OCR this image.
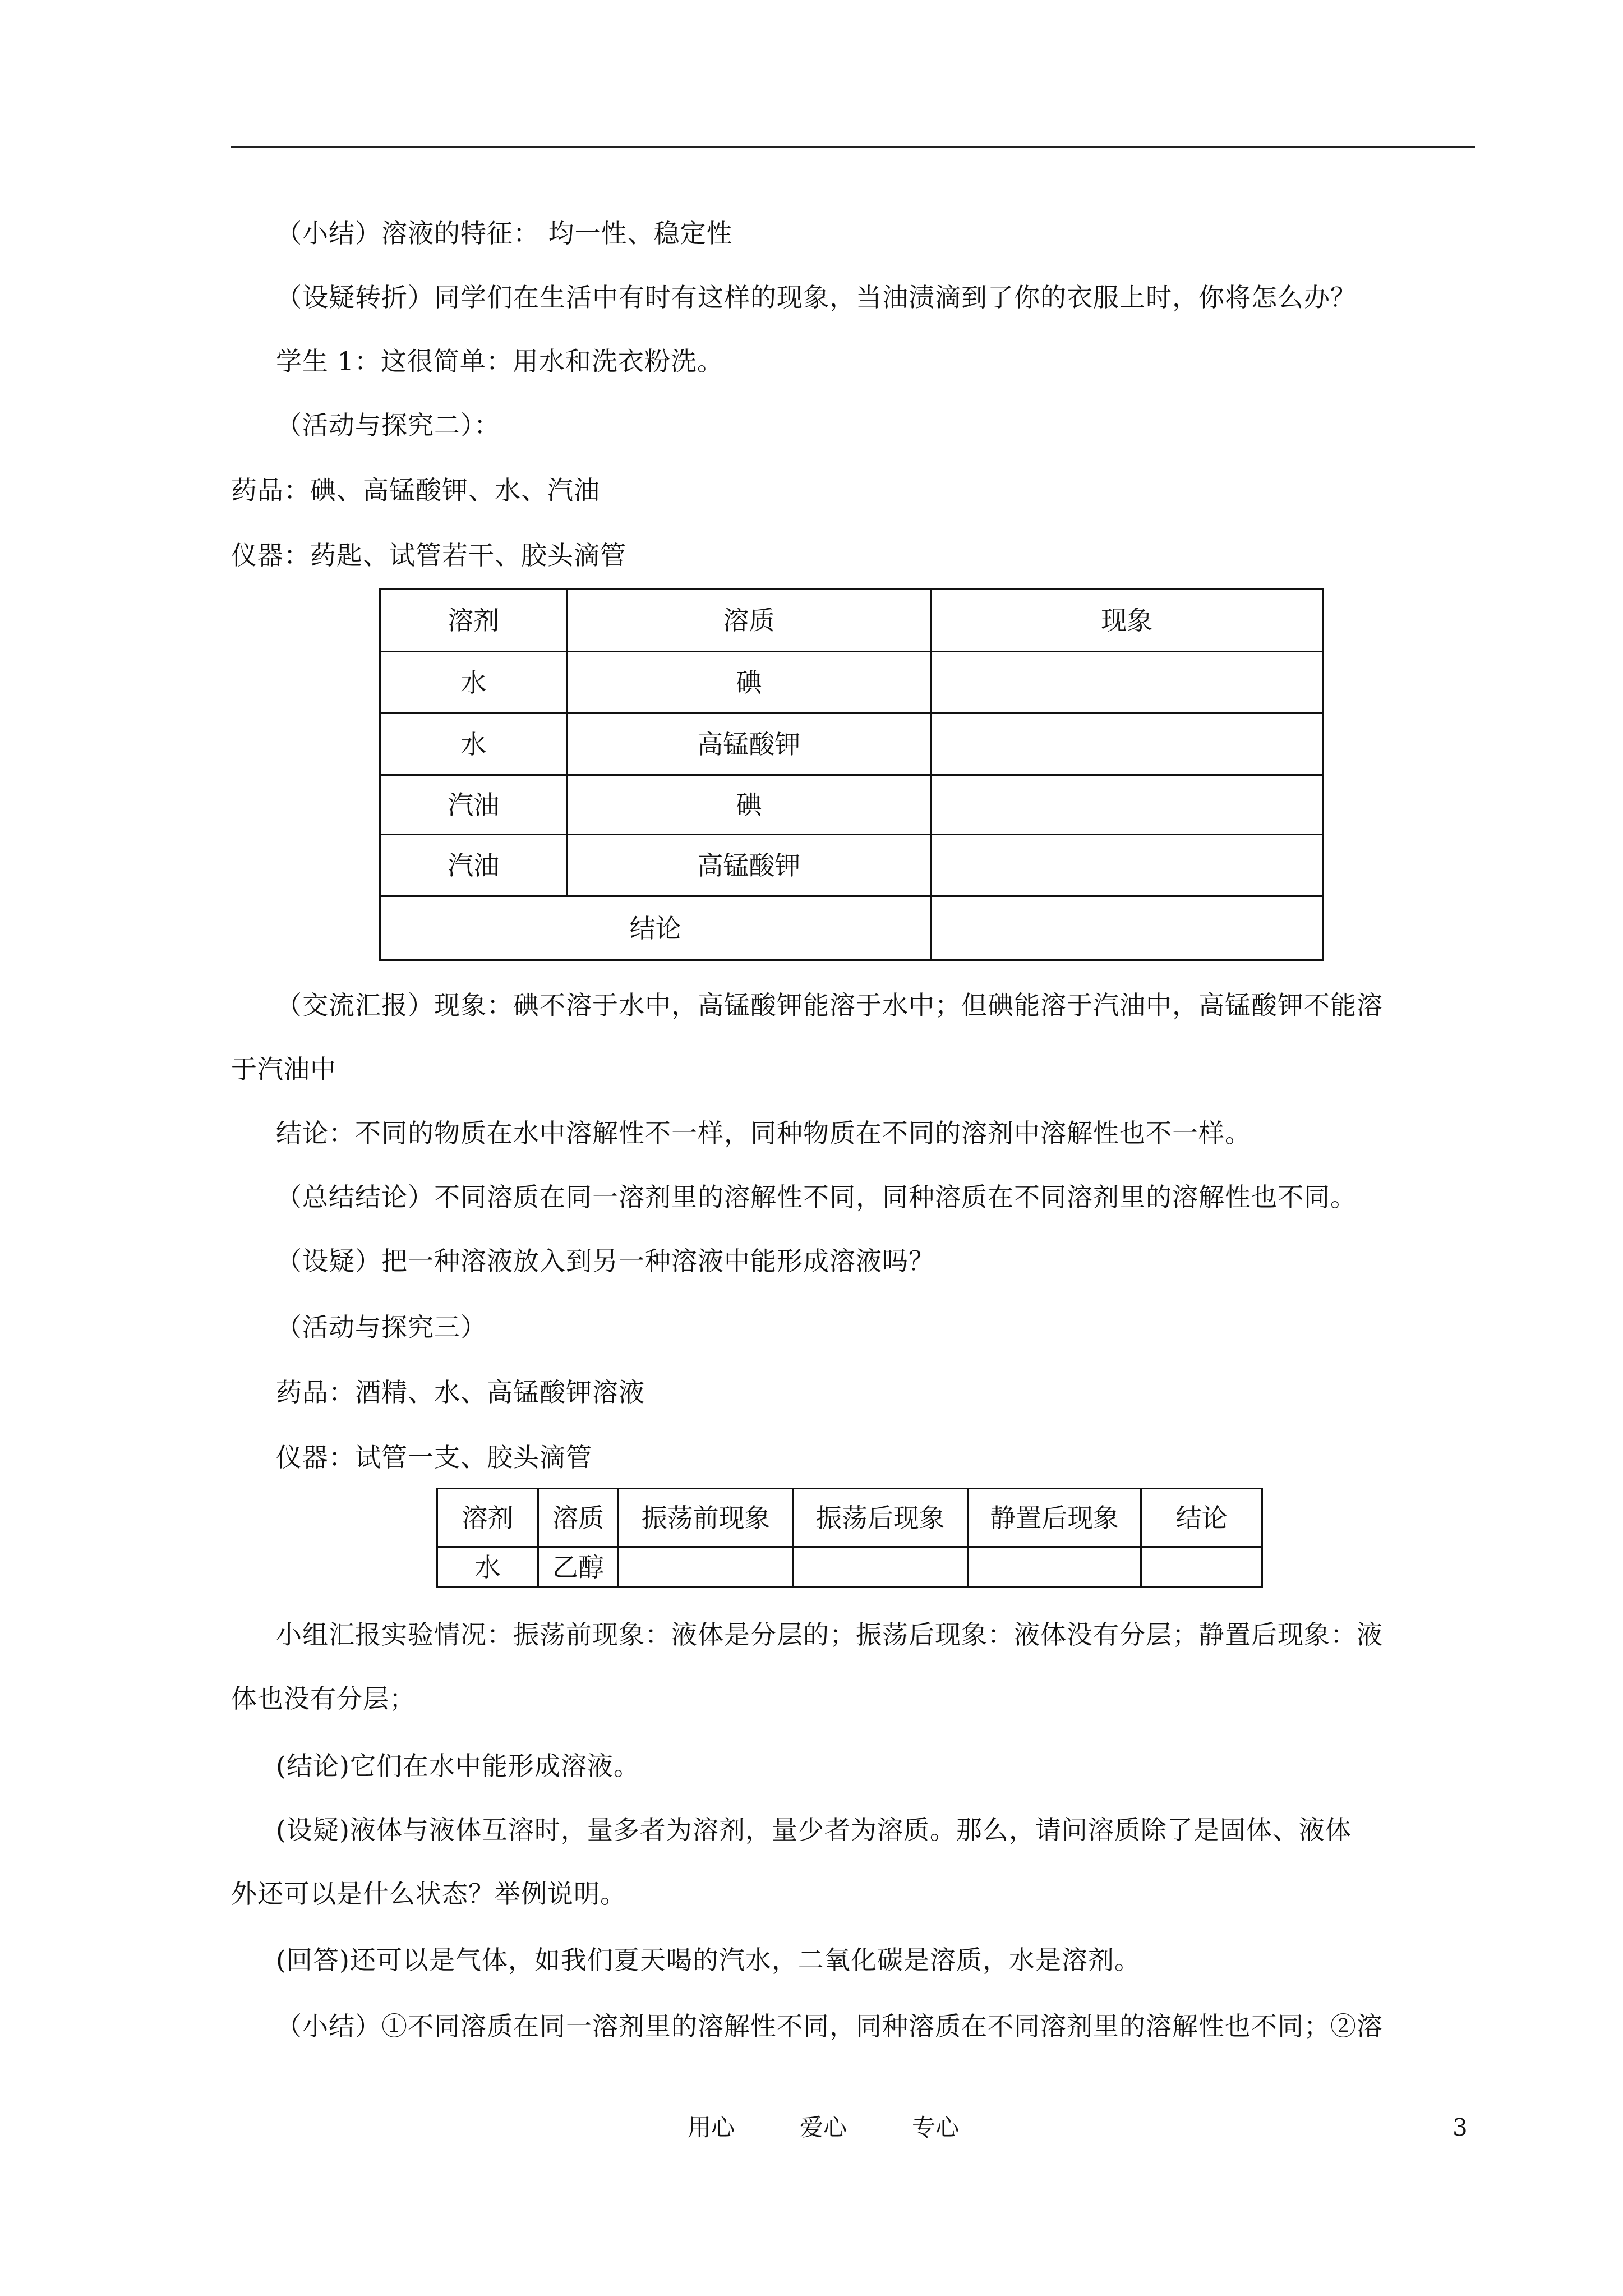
（小结）溶液的特征： 均一性、稳定性
（设疑转折）同学们在生活中有时有这样的现象，当油渍滴到了你的衣服上时，你将怎么办？
学生 1：这很简单：用水和洗衣粉洗。
（活动与探究二）：
药品：碘、高锰酸钾、水、汽油
仪器：药匙、试管若干、胶头滴管
溶剂	溶质	现象
水	碘	
水	高锰酸钾	
汽油	碘	
汽油	高锰酸钾	
结论		
（交流汇报）现象：碘不溶于水中，高锰酸钾能溶于水中；但碘能溶于汽油中，高锰酸钾不能溶
于汽油中
结论：不同的物质在水中溶解性不一样，同种物质在不同的溶剂中溶解性也不一样。
（总结结论）不同溶质在同一溶剂里的溶解性不同，同种溶质在不同溶剂里的溶解性也不同。
（设疑）把一种溶液放入到另一种溶液中能形成溶液吗？
（活动与探究三）
药品：酒精、水、高锰酸钾溶液
仪器：试管一支、胶头滴管
溶剂	溶质	振荡前现象	振荡后现象	静置后现象	结论
水	乙醇				
小组汇报实验情况：振荡前现象：液体是分层的；振荡后现象：液体没有分层；静置后现象：液
体也没有分层；
(结论)它们在水中能形成溶液。
(设疑)液体与液体互溶时，量多者为溶剂，量少者为溶质。那么，请问溶质除了是固体、液体
外还可以是什么状态？举例说明。
(回答)还可以是气体，如我们夏天喝的汽水，二氧化碳是溶质，水是溶剂。
（小结）①不同溶质在同一溶剂里的溶解性不同，同种溶质在不同溶剂里的溶解性也不同；②溶
用心	爱心	专心	3
